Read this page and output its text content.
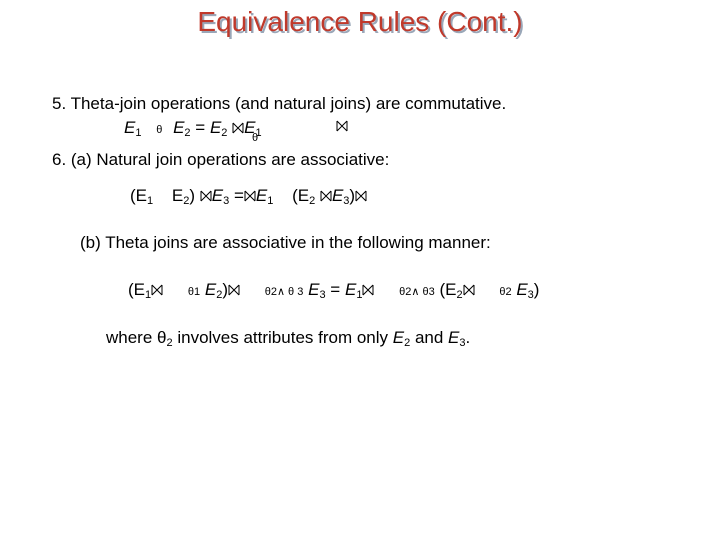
Equivalence Rules (Cont.)
5. Theta-join operations (and natural joins) are commutative.
$E_1$ θ $E_2 = E_2$ $E_1$
θ
6. (a) Natural join operations are associative:
($E_1$ $E_2$) $E_3 = E_1$ ($E_2$ $E_3$)
(b) Theta joins are associative in the following manner:
($E_1$	θ1 $E_2$)	θ2∧ θ 3 $E_3 = E_1$	θ2∧ θ3 ($E_2$	θ2 $E_3$)
where $\theta_2$ involves attributes from only $E_2$ and $E_3$.
